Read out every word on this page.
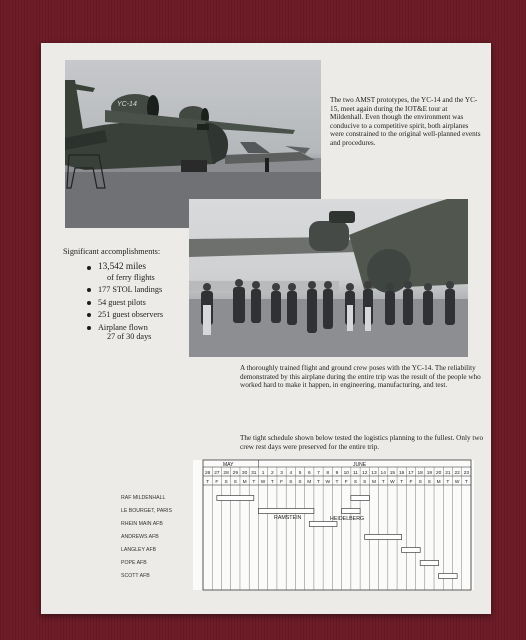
YC-14
The two AMST prototypes, the YC-14 and the YC-15, meet again during the IOT&E tour at Mildenhall. Even though the environment was conducive to a competitive spirit, both airplanes were constrained to the original well-planned events and procedures.
Significant accomplishments:
13,542 miles
of ferry flights
177 STOL landings
54 guest pilots
251 guest observers
Airplane flown
27 of 30 days
A thoroughly trained flight and ground crew poses with the YC-14. The reliability demonstrated by this airplane during the entire trip was the result of the people who worked hard to make it happen, in engineering, manufacturing, and test.
The tight schedule shown below tested the logistics planning to the fullest. Only two crew rest days were preserved for the entire trip.
RAF MILDENHALL
LE BOURGET, PARIS
RHEIN MAIN AFB
ANDREWS AFB
LANGLEY AFB
POPE AFB
SCOTT AFB
MAY	JUNE
26
T
27
F
28
S
29
S
30
M
31
T
1
W
2
T
3
F
4
S
5
S
6
M
7
T
8
W
9
T
10
F
11
S
12
S
13
M
14
T
15
W
16
T
17
F
18
S
19
S
20
M
21
T
22
W
23
T
RAMSTEIN	HEIDELBERG
